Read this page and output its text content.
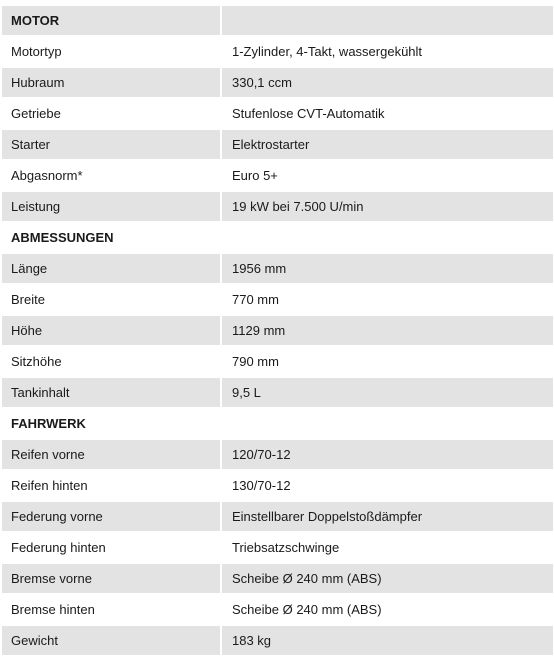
MOTOR	
Motortyp	1-Zylinder, 4-Takt, wassergekühlt
Hubraum	330,1 ccm
Getriebe	Stufenlose CVT-Automatik
Starter	Elektrostarter
Abgasnorm*	Euro 5+
Leistung	19 kW bei 7.500 U/min
ABMESSUNGEN	
Länge	1956 mm
Breite	770 mm
Höhe	1129 mm
Sitzhöhe	790 mm
Tankinhalt	9,5 L
FAHRWERK	
Reifen vorne	120/70-12
Reifen hinten	130/70-12
Federung vorne	Einstellbarer Doppelstoßdämpfer
Federung hinten	Triebsatzschwinge
Bremse vorne	Scheibe Ø 240 mm (ABS)
Bremse hinten	Scheibe Ø 240 mm (ABS)
Gewicht	183 kg
